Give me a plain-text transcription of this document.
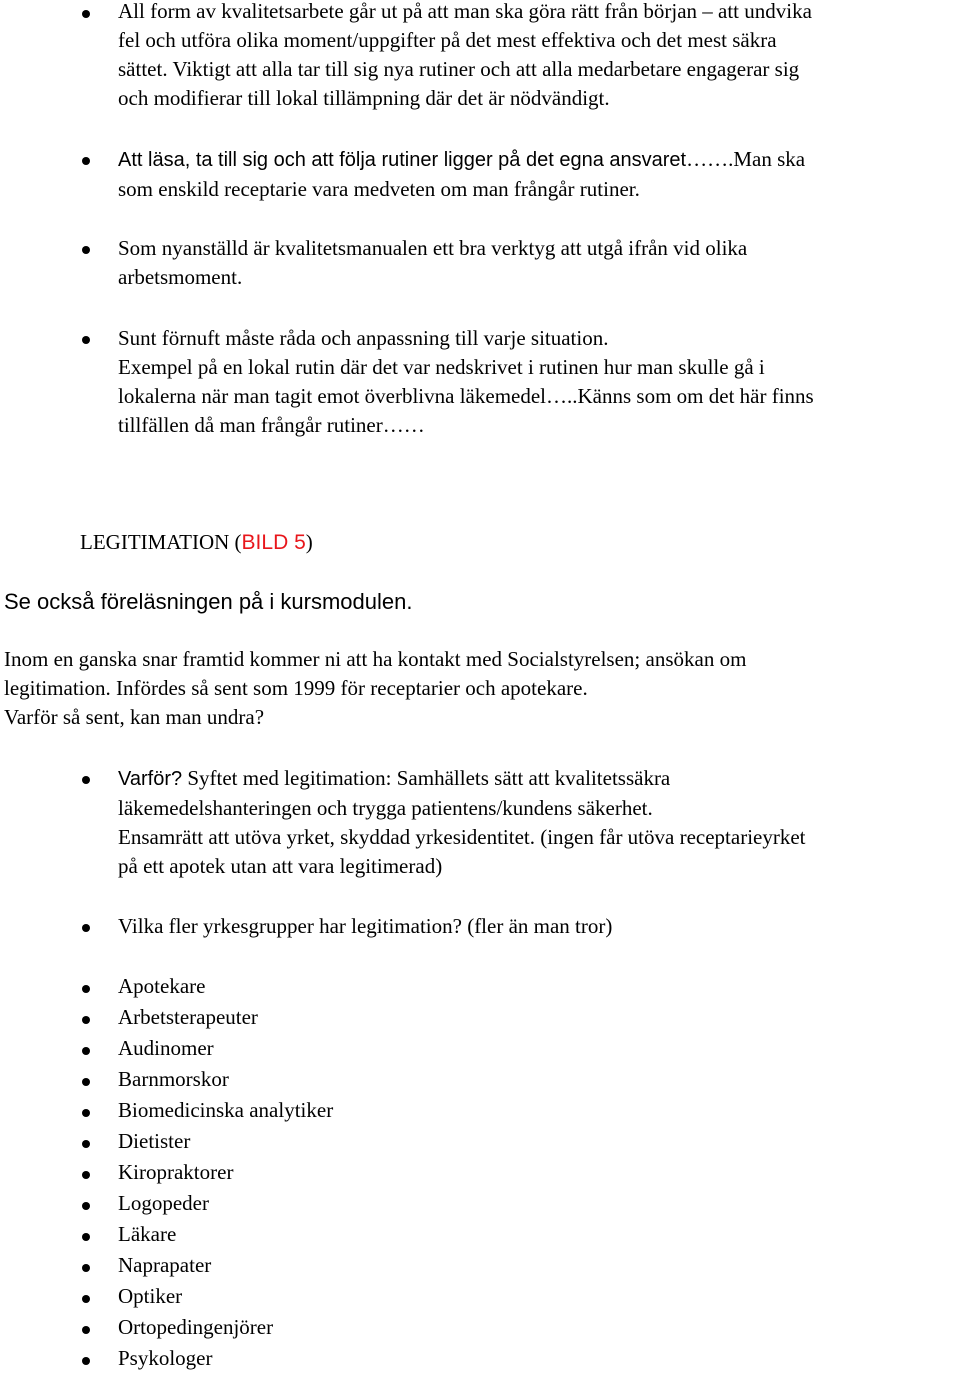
All form av kvalitetsarbete går ut på att man ska göra rätt från början – att undvika
fel och utföra olika moment/uppgifter på det mest effektiva och det mest säkra
sättet. Viktigt att alla tar till sig nya rutiner och att alla medarbetare engagerar sig
och modifierar till lokal tillämpning där det är nödvändigt.
Att läsa, ta till sig och att följa rutiner ligger på det egna ansvaret…….Man ska
som enskild receptarie vara medveten om man frångår rutiner.
Som nyanställd är kvalitetsmanualen ett bra verktyg att utgå ifrån vid olika
arbetsmoment.
Sunt förnuft måste råda och anpassning till varje situation.
Exempel på en lokal rutin där det var nedskrivet i rutinen hur man skulle gå i
lokalerna när man tagit emot överblivna läkemedel…..Känns som om det här finns
tillfällen då man frångår rutiner……
LEGITIMATION (BILD 5)
Se också föreläsningen på i kursmodulen.
Inom en ganska snar framtid kommer ni att ha kontakt med Socialstyrelsen; ansökan om
legitimation. Infördes så sent som 1999 för receptarier och apotekare.
Varför så sent, kan man undra?
Varför? Syftet med legitimation: Samhällets sätt att kvalitetssäkra
läkemedelshanteringen och trygga patientens/kundens säkerhet.
Ensamrätt att utöva yrket, skyddad yrkesidentitet. (ingen får utöva receptarieyrket
på ett apotek utan att vara legitimerad)
Vilka fler yrkesgrupper har legitimation? (fler än man tror)
Apotekare
Arbetsterapeuter
Audinomer
Barnmorskor
Biomedicinska analytiker
Dietister
Kiropraktorer
Logopeder
Läkare
Naprapater
Optiker
Ortopedingenjörer
Psykologer
